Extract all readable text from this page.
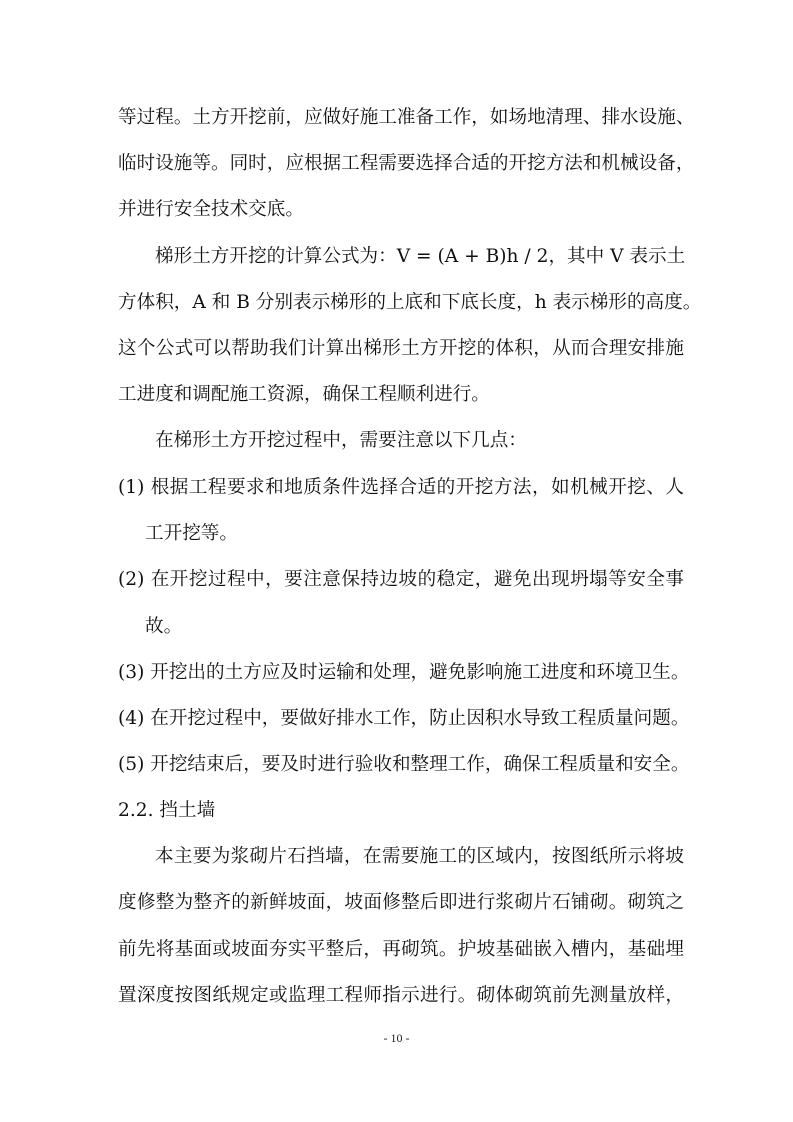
等过程。土方开挖前，应做好施工准备工作，如场地清理、排水设施、
临时设施等。同时，应根据工程需要选择合适的开挖方法和机械设备，
并进行安全技术交底。
梯形土方开挖的计算公式为：V = (A + B)h / 2，其中 V 表示土
方体积，A 和 B 分别表示梯形的上底和下底长度，h 表示梯形的高度。
这个公式可以帮助我们计算出梯形土方开挖的体积，从而合理安排施
工进度和调配施工资源，确保工程顺利进行。
在梯形土方开挖过程中，需要注意以下几点：
(1) 根据工程要求和地质条件选择合适的开挖方法，如机械开挖、人
工开挖等。
(2) 在开挖过程中，要注意保持边坡的稳定，避免出现坍塌等安全事
故。
(3) 开挖出的土方应及时运输和处理，避免影响施工进度和环境卫生。
(4) 在开挖过程中，要做好排水工作，防止因积水导致工程质量问题。
(5) 开挖结束后，要及时进行验收和整理工作，确保工程质量和安全。
2.2. 挡土墙
本主要为浆砌片石挡墙，在需要施工的区域内，按图纸所示将坡
度修整为整齐的新鲜坡面，坡面修整后即进行浆砌片石铺砌。砌筑之
前先将基面或坡面夯实平整后，再砌筑。护坡基础嵌入槽内，基础埋
置深度按图纸规定或监理工程师指示进行。砌体砌筑前先测量放样，
- 10 -
